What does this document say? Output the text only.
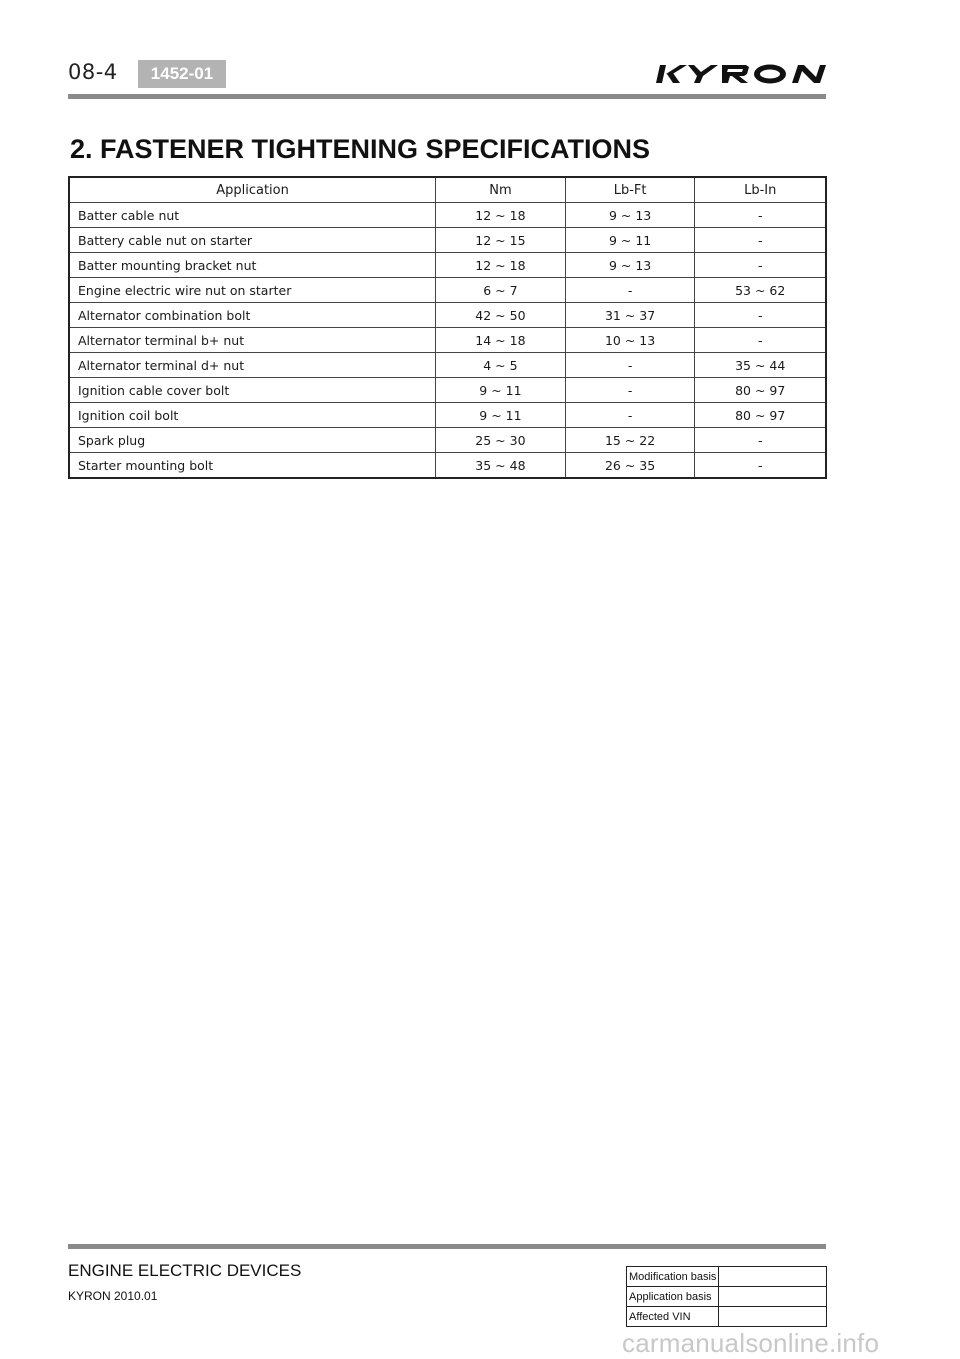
08-4	1452-01
2. FASTENER TIGHTENING SPECIFICATIONS
Application	Nm	Lb-Ft	Lb-In
Batter cable nut	12 ~ 18	9 ~ 13	-
Battery cable nut on starter	12 ~ 15	9 ~ 11	-
Batter mounting bracket nut	12 ~ 18	9 ~ 13	-
Engine electric wire nut on starter	6 ~ 7	-	53 ~ 62
Alternator combination bolt	42 ~ 50	31 ~ 37	-
Alternator terminal b+ nut	14 ~ 18	10 ~ 13	-
Alternator terminal d+ nut	4 ~ 5	-	35 ~ 44
Ignition cable cover bolt	9 ~ 11	-	80 ~ 97
Ignition coil bolt	9 ~ 11	-	80 ~ 97
Spark plug	25 ~ 30	15 ~ 22	-
Starter mounting bolt	35 ~ 48	26 ~ 35	-
ENGINE ELECTRIC DEVICES
KYRON 2010.01
Modification basis	
Application basis	
Affected VIN	
carmanualsonline.info
